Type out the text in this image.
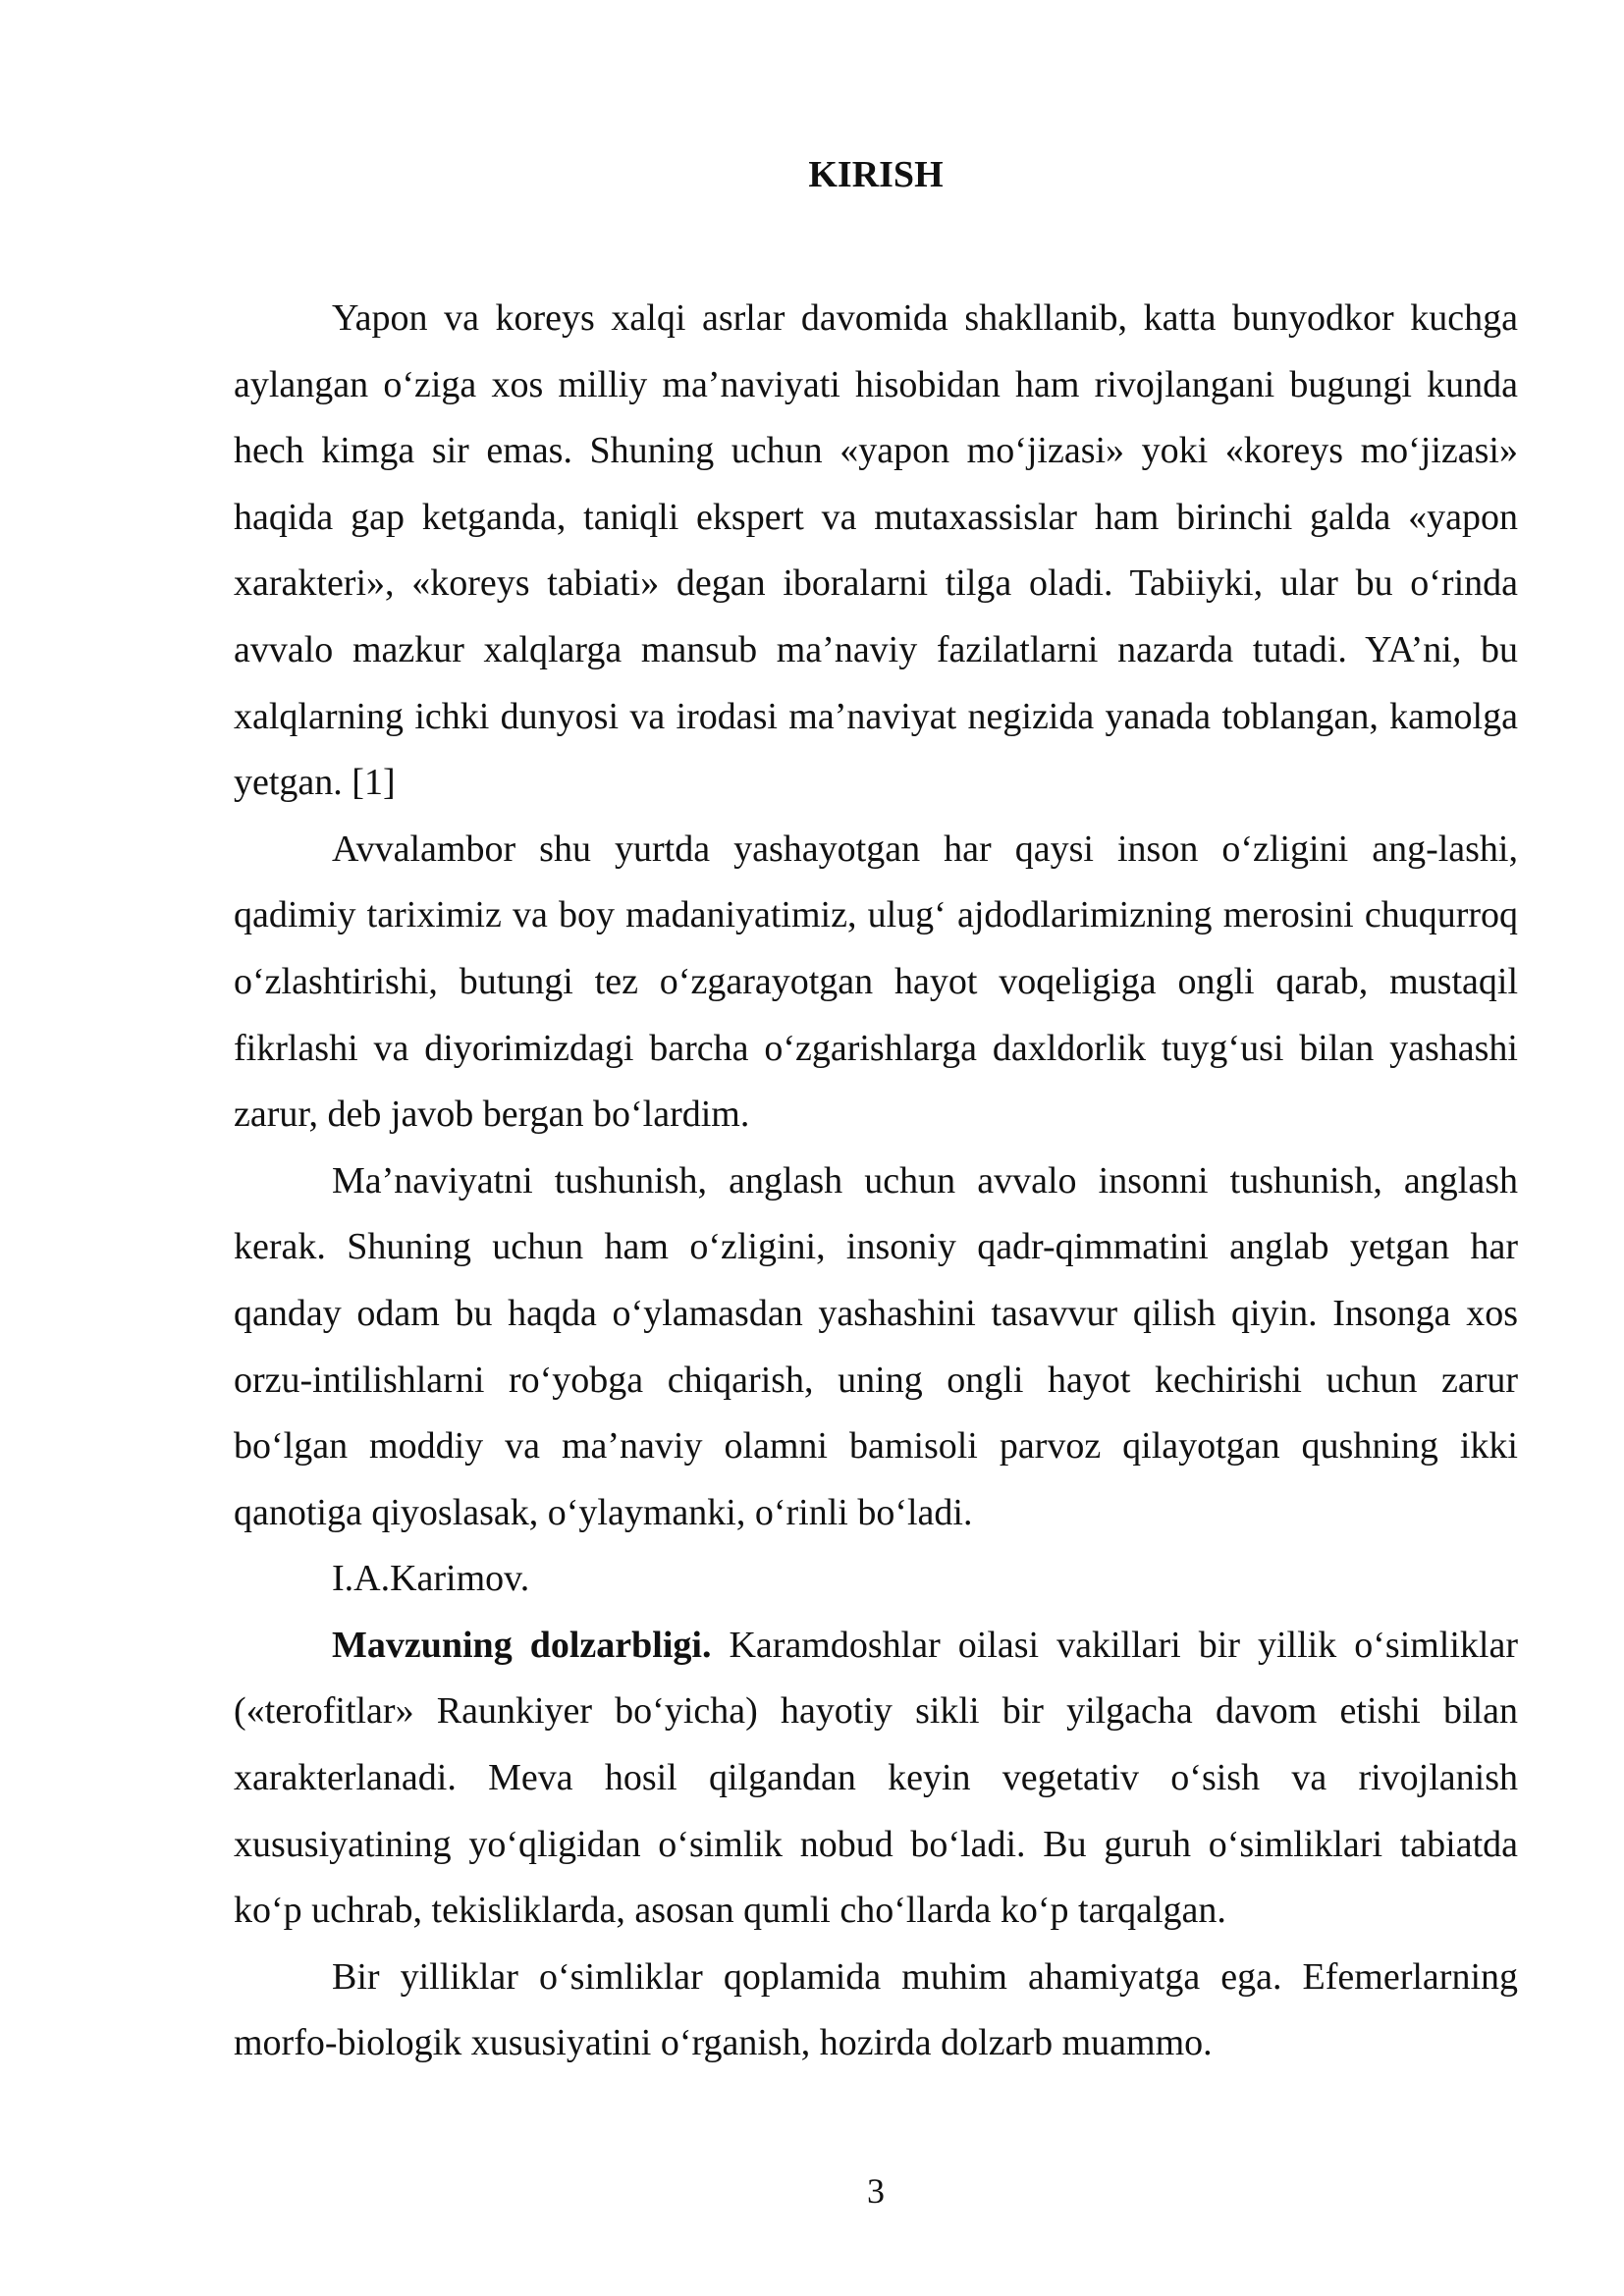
KIRISH

Yapon va koreys xalqi asrlar davomida shakllanib, katta bunyodkor kuchga aylangan o‘ziga xos milliy ma’naviyati hisobidan ham rivojlangani bugungi kunda hech kimga sir emas. Shuning uchun «yapon mo‘jizasi» yoki «koreys mo‘jizasi» haqida gap ketganda, taniqli ekspert va mutaxassislar ham birinchi galda «yapon xarakteri», «koreys tabiati» degan iboralarni tilga oladi. Tabiiyki, ular bu o‘rinda avvalo mazkur xalqlarga mansub ma’naviy fazilatlarni nazarda tutadi. YA’ni, bu xalqlarning ichki dunyosi va irodasi ma’naviyat negizida yanada toblangan, kamolga yetgan. [1]

Avvalambor shu yurtda yashayotgan har qaysi inson o‘zligini ang-lashi, qadimiy tariximiz va boy madaniyatimiz, ulug‘ ajdodlarimizning merosini chuqurroq o‘zlashtirishi, butungi tez o‘zgarayotgan hayot voqeligiga ongli qarab, mustaqil fikrlashi va diyorimizdagi barcha o‘zgarishlarga daxldorlik tuyg‘usi bilan yashashi zarur, deb javob bergan bo‘lardim.

Ma’naviyatni tushunish, anglash uchun avvalo insonni tushunish, anglash kerak. Shuning uchun ham o‘zligini, insoniy qadr-qimmatini anglab yetgan har qanday odam bu haqda o‘ylamasdan yashashini tasavvur qilish qiyin. Insonga xos orzu-intilishlarni ro‘yobga chiqarish, uning ongli hayot kechirishi uchun zarur bo‘lgan moddiy va ma’naviy olamni bamisoli parvoz qilayotgan qushning ikki qanotiga qiyoslasak, o‘ylaymanki, o‘rinli bo‘ladi.

I.A.Karimov.

Mavzuning dolzarbligi. Karamdoshlar oilasi vakillari bir yillik o‘simliklar («terofitlar» Raunkiyer bo‘yicha) hayotiy sikli bir yilgacha davom etishi bilan xarakterlanadi. Meva hosil qilgandan keyin vegetativ o‘sish va rivojlanish xususiyatining yo‘qligidan o‘simlik nobud bo‘ladi. Bu guruh o‘simliklari tabiatda ko‘p uchrab, tekisliklarda, asosan qumli cho‘llarda ko‘p tarqalgan.

Bir yilliklar o‘simliklar qoplamida muhim ahamiyatga ega. Efemerlarning morfo-biologik xususiyatini o‘rganish, hozirda dolzarb muammo.

3
